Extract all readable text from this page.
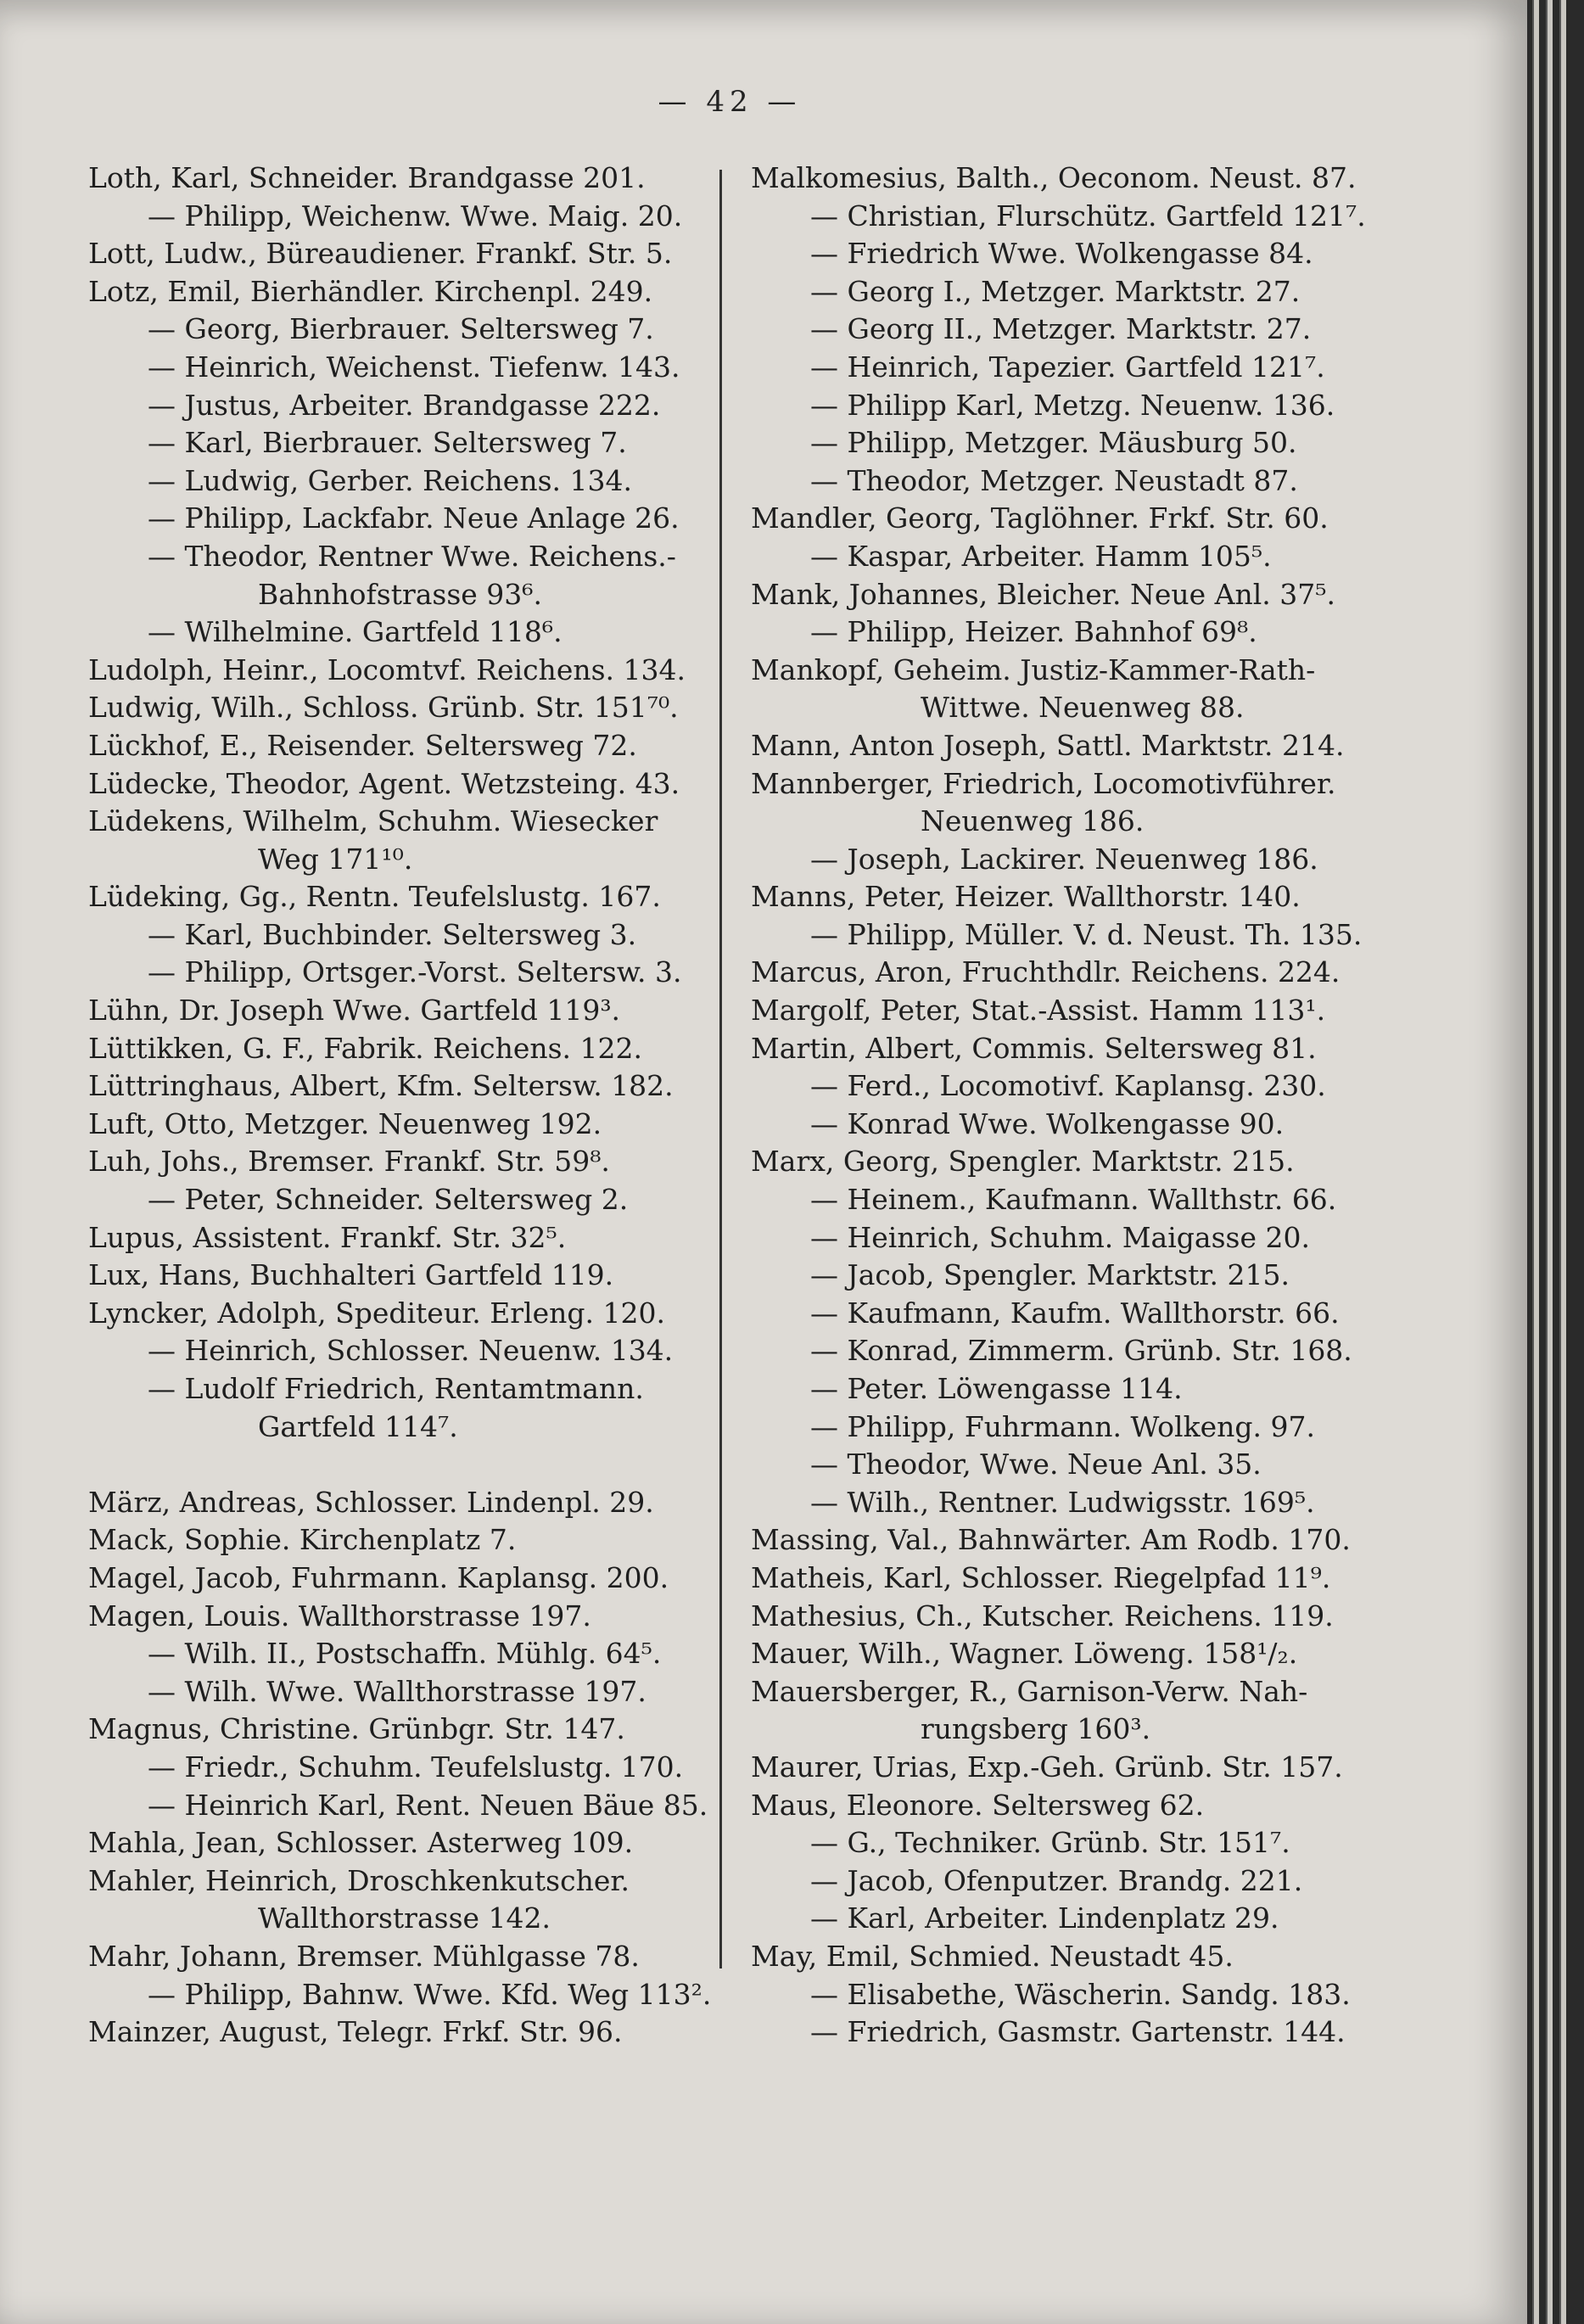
— 42 —
Loth, Karl, Schneider. Brandgasse 201.
— Philipp, Weichenw. Wwe. Maig. 20.
Lott, Ludw., Büreaudiener. Frankf. Str. 5.
Lotz, Emil, Bierhändler. Kirchenpl. 249.
— Georg, Bierbrauer. Seltersweg 7.
— Heinrich, Weichenst. Tiefenw. 143.
— Justus, Arbeiter. Brandgasse 222.
— Karl, Bierbrauer. Seltersweg 7.
— Ludwig, Gerber. Reichens. 134.
— Philipp, Lackfabr. Neue Anlage 26.
— Theodor, Rentner Wwe. Reichens.-
Bahnhofstrasse 93⁶.
— Wilhelmine. Gartfeld 118⁶.
Ludolph, Heinr., Locomtvf. Reichens. 134.
Ludwig, Wilh., Schloss. Grünb. Str. 151⁷⁰.
Lückhof, E., Reisender. Seltersweg 72.
Lüdecke, Theodor, Agent. Wetzsteing. 43.
Lüdekens, Wilhelm, Schuhm. Wiesecker
Weg 171¹⁰.
Lüdeking, Gg., Rentn. Teufelslustg. 167.
— Karl, Buchbinder. Seltersweg 3.
— Philipp, Ortsger.-Vorst. Seltersw. 3.
Lühn, Dr. Joseph Wwe. Gartfeld 119³.
Lüttikken, G. F., Fabrik. Reichens. 122.
Lüttringhaus, Albert, Kfm. Seltersw. 182.
Luft, Otto, Metzger. Neuenweg 192.
Luh, Johs., Bremser. Frankf. Str. 59⁸.
— Peter, Schneider. Seltersweg 2.
Lupus, Assistent. Frankf. Str. 32⁵.
Lux, Hans, Buchhalteri Gartfeld 119.
Lyncker, Adolph, Spediteur. Erleng. 120.
— Heinrich, Schlosser. Neuenw. 134.
— Ludolf Friedrich, Rentamtmann.
Gartfeld 114⁷.
März, Andreas, Schlosser. Lindenpl. 29.
Mack, Sophie. Kirchenplatz 7.
Magel, Jacob, Fuhrmann. Kaplansg. 200.
Magen, Louis. Wallthorstrasse 197.
— Wilh. II., Postschaffn. Mühlg. 64⁵.
— Wilh. Wwe. Wallthorstrasse 197.
Magnus, Christine. Grünbgr. Str. 147.
— Friedr., Schuhm. Teufelslustg. 170.
— Heinrich Karl, Rent. Neuen Bäue 85.
Mahla, Jean, Schlosser. Asterweg 109.
Mahler, Heinrich, Droschkenkutscher.
Wallthorstrasse 142.
Mahr, Johann, Bremser. Mühlgasse 78.
— Philipp, Bahnw. Wwe. Kfd. Weg 113².
Mainzer, August, Telegr. Frkf. Str. 96.
Malkomesius, Balth., Oeconom. Neust. 87.
— Christian, Flurschütz. Gartfeld 121⁷.
— Friedrich Wwe. Wolkengasse 84.
— Georg I., Metzger. Marktstr. 27.
— Georg II., Metzger. Marktstr. 27.
— Heinrich, Tapezier. Gartfeld 121⁷.
— Philipp Karl, Metzg. Neuenw. 136.
— Philipp, Metzger. Mäusburg 50.
— Theodor, Metzger. Neustadt 87.
Mandler, Georg, Taglöhner. Frkf. Str. 60.
— Kaspar, Arbeiter. Hamm 105⁵.
Mank, Johannes, Bleicher. Neue Anl. 37⁵.
— Philipp, Heizer. Bahnhof 69⁸.
Mankopf, Geheim. Justiz-Kammer-Rath-
Wittwe. Neuenweg 88.
Mann, Anton Joseph, Sattl. Marktstr. 214.
Mannberger, Friedrich, Locomotivführer.
Neuenweg 186.
— Joseph, Lackirer. Neuenweg 186.
Manns, Peter, Heizer. Wallthorstr. 140.
— Philipp, Müller. V. d. Neust. Th. 135.
Marcus, Aron, Fruchthdlr. Reichens. 224.
Margolf, Peter, Stat.-Assist. Hamm 113¹.
Martin, Albert, Commis. Seltersweg 81.
— Ferd., Locomotivf. Kaplansg. 230.
— Konrad Wwe. Wolkengasse 90.
Marx, Georg, Spengler. Marktstr. 215.
— Heinem., Kaufmann. Wallthstr. 66.
— Heinrich, Schuhm. Maigasse 20.
— Jacob, Spengler. Marktstr. 215.
— Kaufmann, Kaufm. Wallthorstr. 66.
— Konrad, Zimmerm. Grünb. Str. 168.
— Peter. Löwengasse 114.
— Philipp, Fuhrmann. Wolkeng. 97.
— Theodor, Wwe. Neue Anl. 35.
— Wilh., Rentner. Ludwigsstr. 169⁵.
Massing, Val., Bahnwärter. Am Rodb. 170.
Matheis, Karl, Schlosser. Riegelpfad 11⁹.
Mathesius, Ch., Kutscher. Reichens. 119.
Mauer, Wilh., Wagner. Löweng. 158¹/₂.
Mauersberger, R., Garnison-Verw. Nah-
rungsberg 160³.
Maurer, Urias, Exp.-Geh. Grünb. Str. 157.
Maus, Eleonore. Seltersweg 62.
— G., Techniker. Grünb. Str. 151⁷.
— Jacob, Ofenputzer. Brandg. 221.
— Karl, Arbeiter. Lindenplatz 29.
May, Emil, Schmied. Neustadt 45.
— Elisabethe, Wäscherin. Sandg. 183.
— Friedrich, Gasmstr. Gartenstr. 144.
